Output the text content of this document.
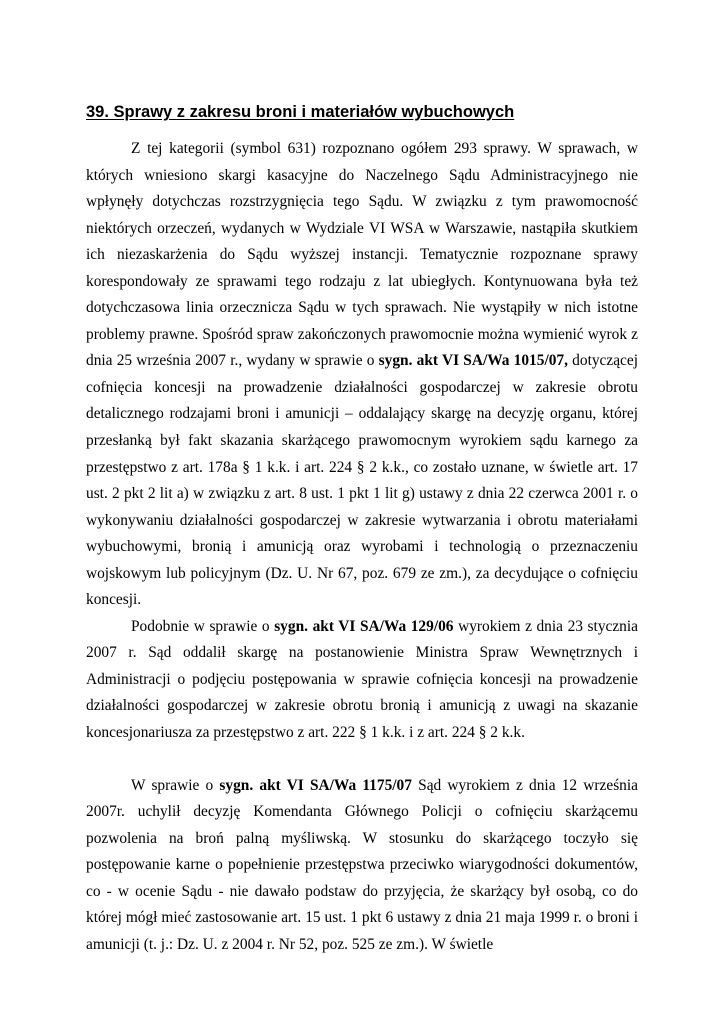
39. Sprawy z zakresu broni i materiałów wybuchowych

Z tej kategorii (symbol 631) rozpoznano ogółem 293 sprawy. W sprawach, w których wniesiono skargi kasacyjne do Naczelnego Sądu Administracyjnego nie wpłynęły dotychczas rozstrzygnięcia tego Sądu. W związku z tym prawomocność niektórych orzeczeń, wydanych w Wydziale VI WSA w Warszawie, nastąpiła skutkiem ich niezaskarżenia do Sądu wyższej instancji. Tematycznie rozpoznane sprawy korespondowały ze sprawami tego rodzaju z lat ubiegłych. Kontynuowana była też dotychczasowa linia orzecznicza Sądu w tych sprawach. Nie wystąpiły w nich istotne problemy prawne. Spośród spraw zakończonych prawomocnie można wymienić wyrok z dnia 25 września 2007 r., wydany w sprawie o sygn. akt VI SA/Wa 1015/07, dotyczącej cofnięcia koncesji na prowadzenie działalności gospodarczej w zakresie obrotu detalicznego rodzajami broni i amunicji – oddalający skargę na decyzję organu, której przesłanką był fakt skazania skarżącego prawomocnym wyrokiem sądu karnego za przestępstwo z art. 178a § 1 k.k. i art. 224 § 2 k.k., co zostało uznane, w świetle art. 17 ust. 2 pkt 2 lit a) w związku z art. 8 ust. 1 pkt 1 lit g) ustawy z dnia 22 czerwca 2001 r. o wykonywaniu działalności gospodarczej w zakresie wytwarzania i obrotu materiałami wybuchowymi, bronią i amunicją oraz wyrobami i technologią o przeznaczeniu wojskowym lub policyjnym (Dz. U. Nr 67, poz. 679 ze zm.), za decydujące o cofnięciu koncesji.

Podobnie w sprawie o sygn. akt VI SA/Wa 129/06 wyrokiem z dnia 23 stycznia 2007 r. Sąd oddalił skargę na postanowienie Ministra Spraw Wewnętrznych i Administracji o podjęciu postępowania w sprawie cofnięcia koncesji na prowadzenie działalności gospodarczej w zakresie obrotu bronią i amunicją z uwagi na skazanie koncesjonariusza za przestępstwo z art. 222 § 1 k.k. i z art. 224 § 2 k.k.

W sprawie o sygn. akt VI SA/Wa 1175/07 Sąd wyrokiem z dnia 12 września 2007r. uchylił decyzję Komendanta Głównego Policji o cofnięciu skarżącemu pozwolenia na broń palną myśliwską. W stosunku do skarżącego toczyło się postępowanie karne o popełnienie przestępstwa przeciwko wiarygodności dokumentów, co - w ocenie Sądu - nie dawało podstaw do przyjęcia, że skarżący był osobą, co do której mógł mieć zastosowanie art. 15 ust. 1 pkt 6 ustawy z dnia 21 maja 1999 r. o broni i amunicji (t. j.: Dz. U. z 2004 r. Nr 52, poz. 525 ze zm.). W świetle
